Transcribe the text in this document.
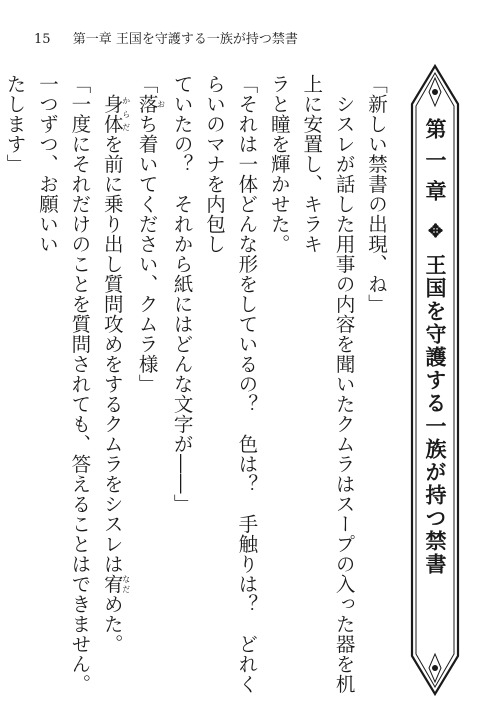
15 第一章 王国を守護する一族が持つ禁書

「新しい禁書の出現、ね」

　シスレが話した用事の内容を聞いたクムラはスープの入った器を机上に安置し、キラキ

ラと瞳を輝かせた。

「それは一体どんな形をしているの？　色は？　手触りは？　どれくらいのマナを内包し

ていたの？　それから紙にはどんな文字が――」

「落おち着いてください、クムラ様」

　身体からだを前に乗り出し質問攻めをするクムラをシスレは宥なだめた。

「一度にそれだけのことを質問されても、答えることはできません。一つずつ、お願いい

たします」	第一章✥王国を守護する一族が持つ禁書
